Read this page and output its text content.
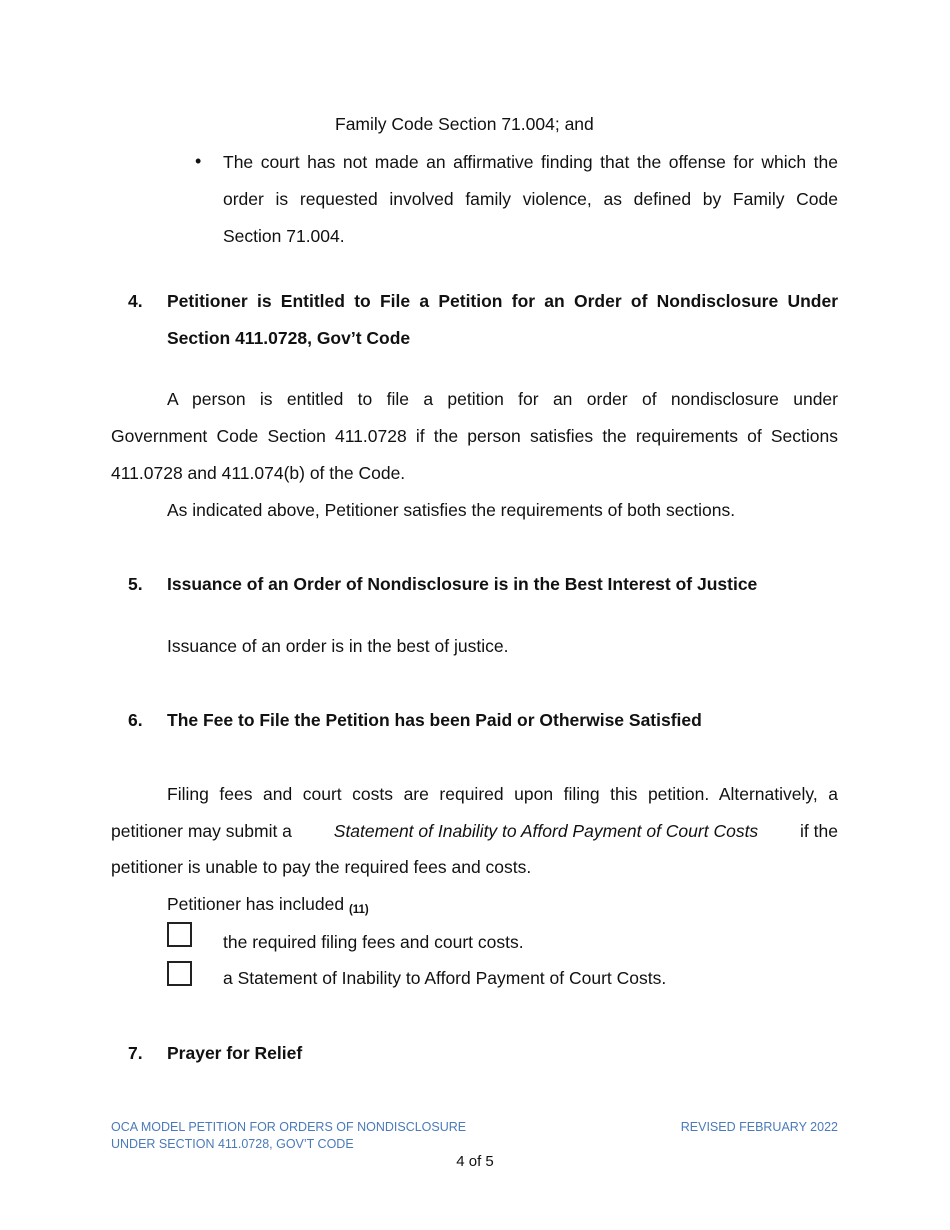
Family Code Section 71.004; and
• The court has not made an affirmative finding that the offense for which the
order is requested involved family violence, as defined by Family Code
Section 71.004.
4. Petitioner is Entitled to File a Petition for an Order of Nondisclosure Under
Section 411.0728, Gov’t Code
A person is entitled to file a petition for an order of nondisclosure under
Government Code Section 411.0728 if the person satisfies the requirements of Sections
411.0728 and 411.074(b) of the Code.
As indicated above, Petitioner satisfies the requirements of both sections.
5. Issuance of an Order of Nondisclosure is in the Best Interest of Justice
Issuance of an order is in the best of justice.
6. The Fee to File the Petition has been Paid or Otherwise Satisfied
Filing fees and court costs are required upon filing this petition. Alternatively, a
petitioner may submit a Statement of Inability to Afford Payment of Court Costs if the
petitioner is unable to pay the required fees and costs.
Petitioner has included (11)
the required filing fees and court costs.
a Statement of Inability to Afford Payment of Court Costs.
7. Prayer for Relief
OCA MODEL PETITION FOR ORDERS OF NONDISCLOSURE
UNDER SECTION 411.0728, GOV’T CODE
REVISED FEBRUARY 2022
4 of 5
